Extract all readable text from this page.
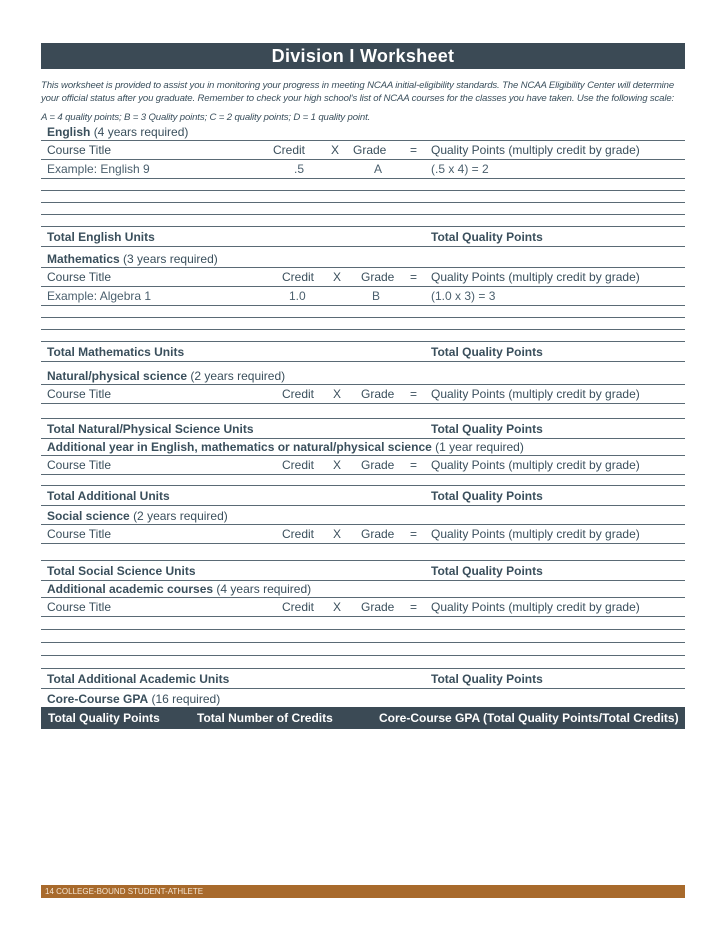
Division I Worksheet
This worksheet is provided to assist you in monitoring your progress in meeting NCAA initial-eligibility standards. The NCAA Eligibility Center will determine your official status after you graduate. Remember to check your high school's list of NCAA courses for the classes you have taken. Use the following scale:
A = 4 quality points; B = 3 Quality points; C = 2 quality points; D = 1 quality point.
English (4 years required)
Course Title	Credit X Grade = Quality Points (multiply credit by grade)
Example: English 9	.5	A	(.5 x 4) = 2
Total English Units	Total Quality Points
Mathematics (3 years required)
Course Title	Credit X Grade = Quality Points (multiply credit by grade)
Example: Algebra 1	1.0	B	(1.0 x 3) = 3
Total Mathematics Units	Total Quality Points
Natural/physical science (2 years required)
Course Title	Credit X Grade = Quality Points (multiply credit by grade)
Total Natural/Physical Science Units	Total Quality Points
Additional year in English, mathematics or natural/physical science (1 year required)
Course Title	Credit X Grade = Quality Points (multiply credit by grade)
Total Additional Units	Total Quality Points
Social science (2 years required)
Course Title	Credit X Grade = Quality Points (multiply credit by grade)
Total Social Science Units	Total Quality Points
Additional academic courses (4 years required)
Course Title	Credit X Grade = Quality Points (multiply credit by grade)
Total Additional Academic Units	Total Quality Points
Core-Course GPA (16 required)
Total Quality Points	Total Number of Credits	Core-Course GPA (Total Quality Points/Total Credits)
14 COLLEGE-BOUND STUDENT-ATHLETE
